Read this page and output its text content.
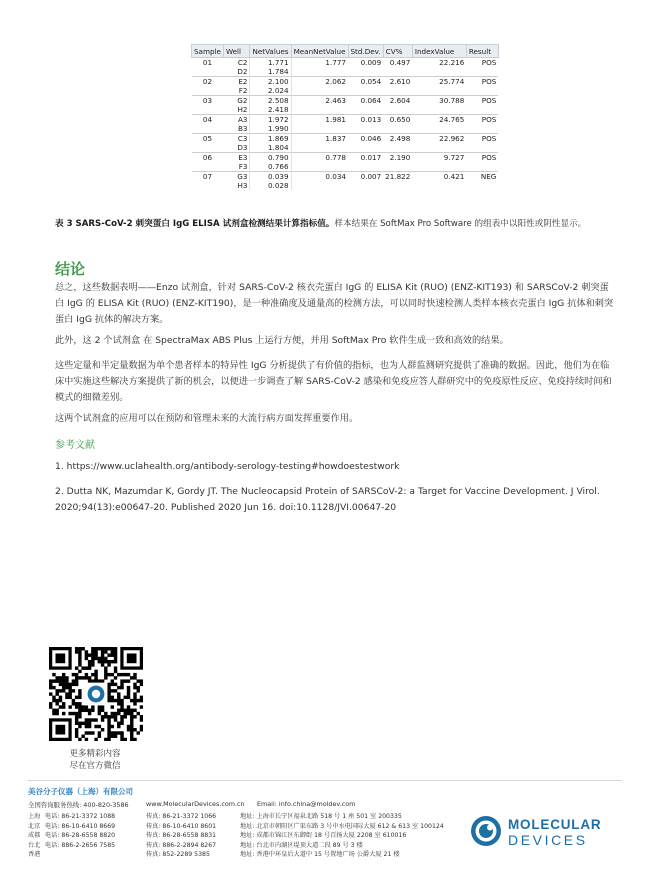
Sample	Well	NetValues	MeanNetValue	Std.Dev.	CV%	IndexValue	Result
01	C2	1.771	1.777	0.009	0.497	22.216	POS
	D2	1.784					
02	E2	2.100	2.062	0.054	2.610	25.774	POS
	F2	2.024					
03	G2	2.508	2.463	0.064	2.604	30.788	POS
	H2	2.418					
04	A3	1.972	1.981	0.013	0.650	24.765	POS
	B3	1.990					
05	C3	1.869	1.837	0.046	2.498	22.962	POS
	D3	1.804					
06	E3	0.790	0.778	0.017	2.190	9.727	POS
	F3	0.766					
07	G3	0.039	0.034	0.007	21.822	0.421	NEG
	H3	0.028					
表 3 SARS-CoV-2 刺突蛋白 IgG ELISA 试剂盒检测结果计算指标值。样本结果在 SoftMax Pro Software 的组表中以阳性或阴性显示。
结论

总之，这些数据表明——Enzo 试剂盒，针对 SARS-CoV-2 核衣壳蛋白 IgG 的 ELISA Kit (RUO) (ENZ-KIT193) 和 SARSCoV-2 刺突蛋白 IgG 的 ELISA Kit (RUO) (ENZ-KIT190)，是一种准确度及通量高的检测方法，可以同时快速检测人类样本核衣壳蛋白 IgG 抗体和刺突蛋白 IgG 抗体的解决方案。

此外，这 2 个试剂盒 在 SpectraMax ABS Plus 上运行方便，并用 SoftMax Pro 软件生成一致和高效的结果。

这些定量和半定量数据为单个患者样本的特异性 IgG 分析提供了有价值的指标，也为人群监测研究提供了准确的数据。因此，他们为在临床中实施这些解决方案提供了新的机会，以便进一步调查了解 SARS-CoV-2 感染和免疫应答人群研究中的免疫原性反应、免疫持续时间和模式的细微差别。

这两个试剂盒的应用可以在预防和管理未来的大流行病方面发挥重要作用。

参考文献

1. https://www.uclahealth.org/antibody-serology-testing#howdoestestwork

2. Dutta NK, Mazumdar K, Gordy JT. The Nucleocapsid Protein of SARSCoV-2: a Target for Vaccine Development. J Virol. 2020;94(13):e00647-20. Published 2020 Jun 16. doi:10.1128/JVI.00647-20

更多精彩内容
尽在官方微信
美谷分子仪器（上海）有限公司
全国咨询服务热线: 400-820-3586	www.MolecularDevices.com.cn Email: info.china@moldev.com
上海 电话: 86-21-3372 1088	传真: 86-21-3372 1066	地址: 上海市长宁区福泉北路 518 号 1 座 501 室 200335
北京 电话: 86-10-6410 8669	传真: 86-10-6410 8601	地址: 北京市朝阳区广渠东路 3 号中水电国际大厦 612 & 613 室 100124
成都 电话: 86-28-6558 8820	传真: 86-28-6558 8831	地址: 成都市锦江区东御街 18 号百扬大厦 2208 室 610016
台北 电话: 886-2-2656 7585	传真: 886-2-2894 8267	地址: 台北市内湖区堤顶大道二段 89 号 3 楼
香港	传真: 852-2289 5385	地址: 香港中环皇后大道中 15 号置地广场 公爵大厦 21 楼
MOLECULAR
DEVICES
